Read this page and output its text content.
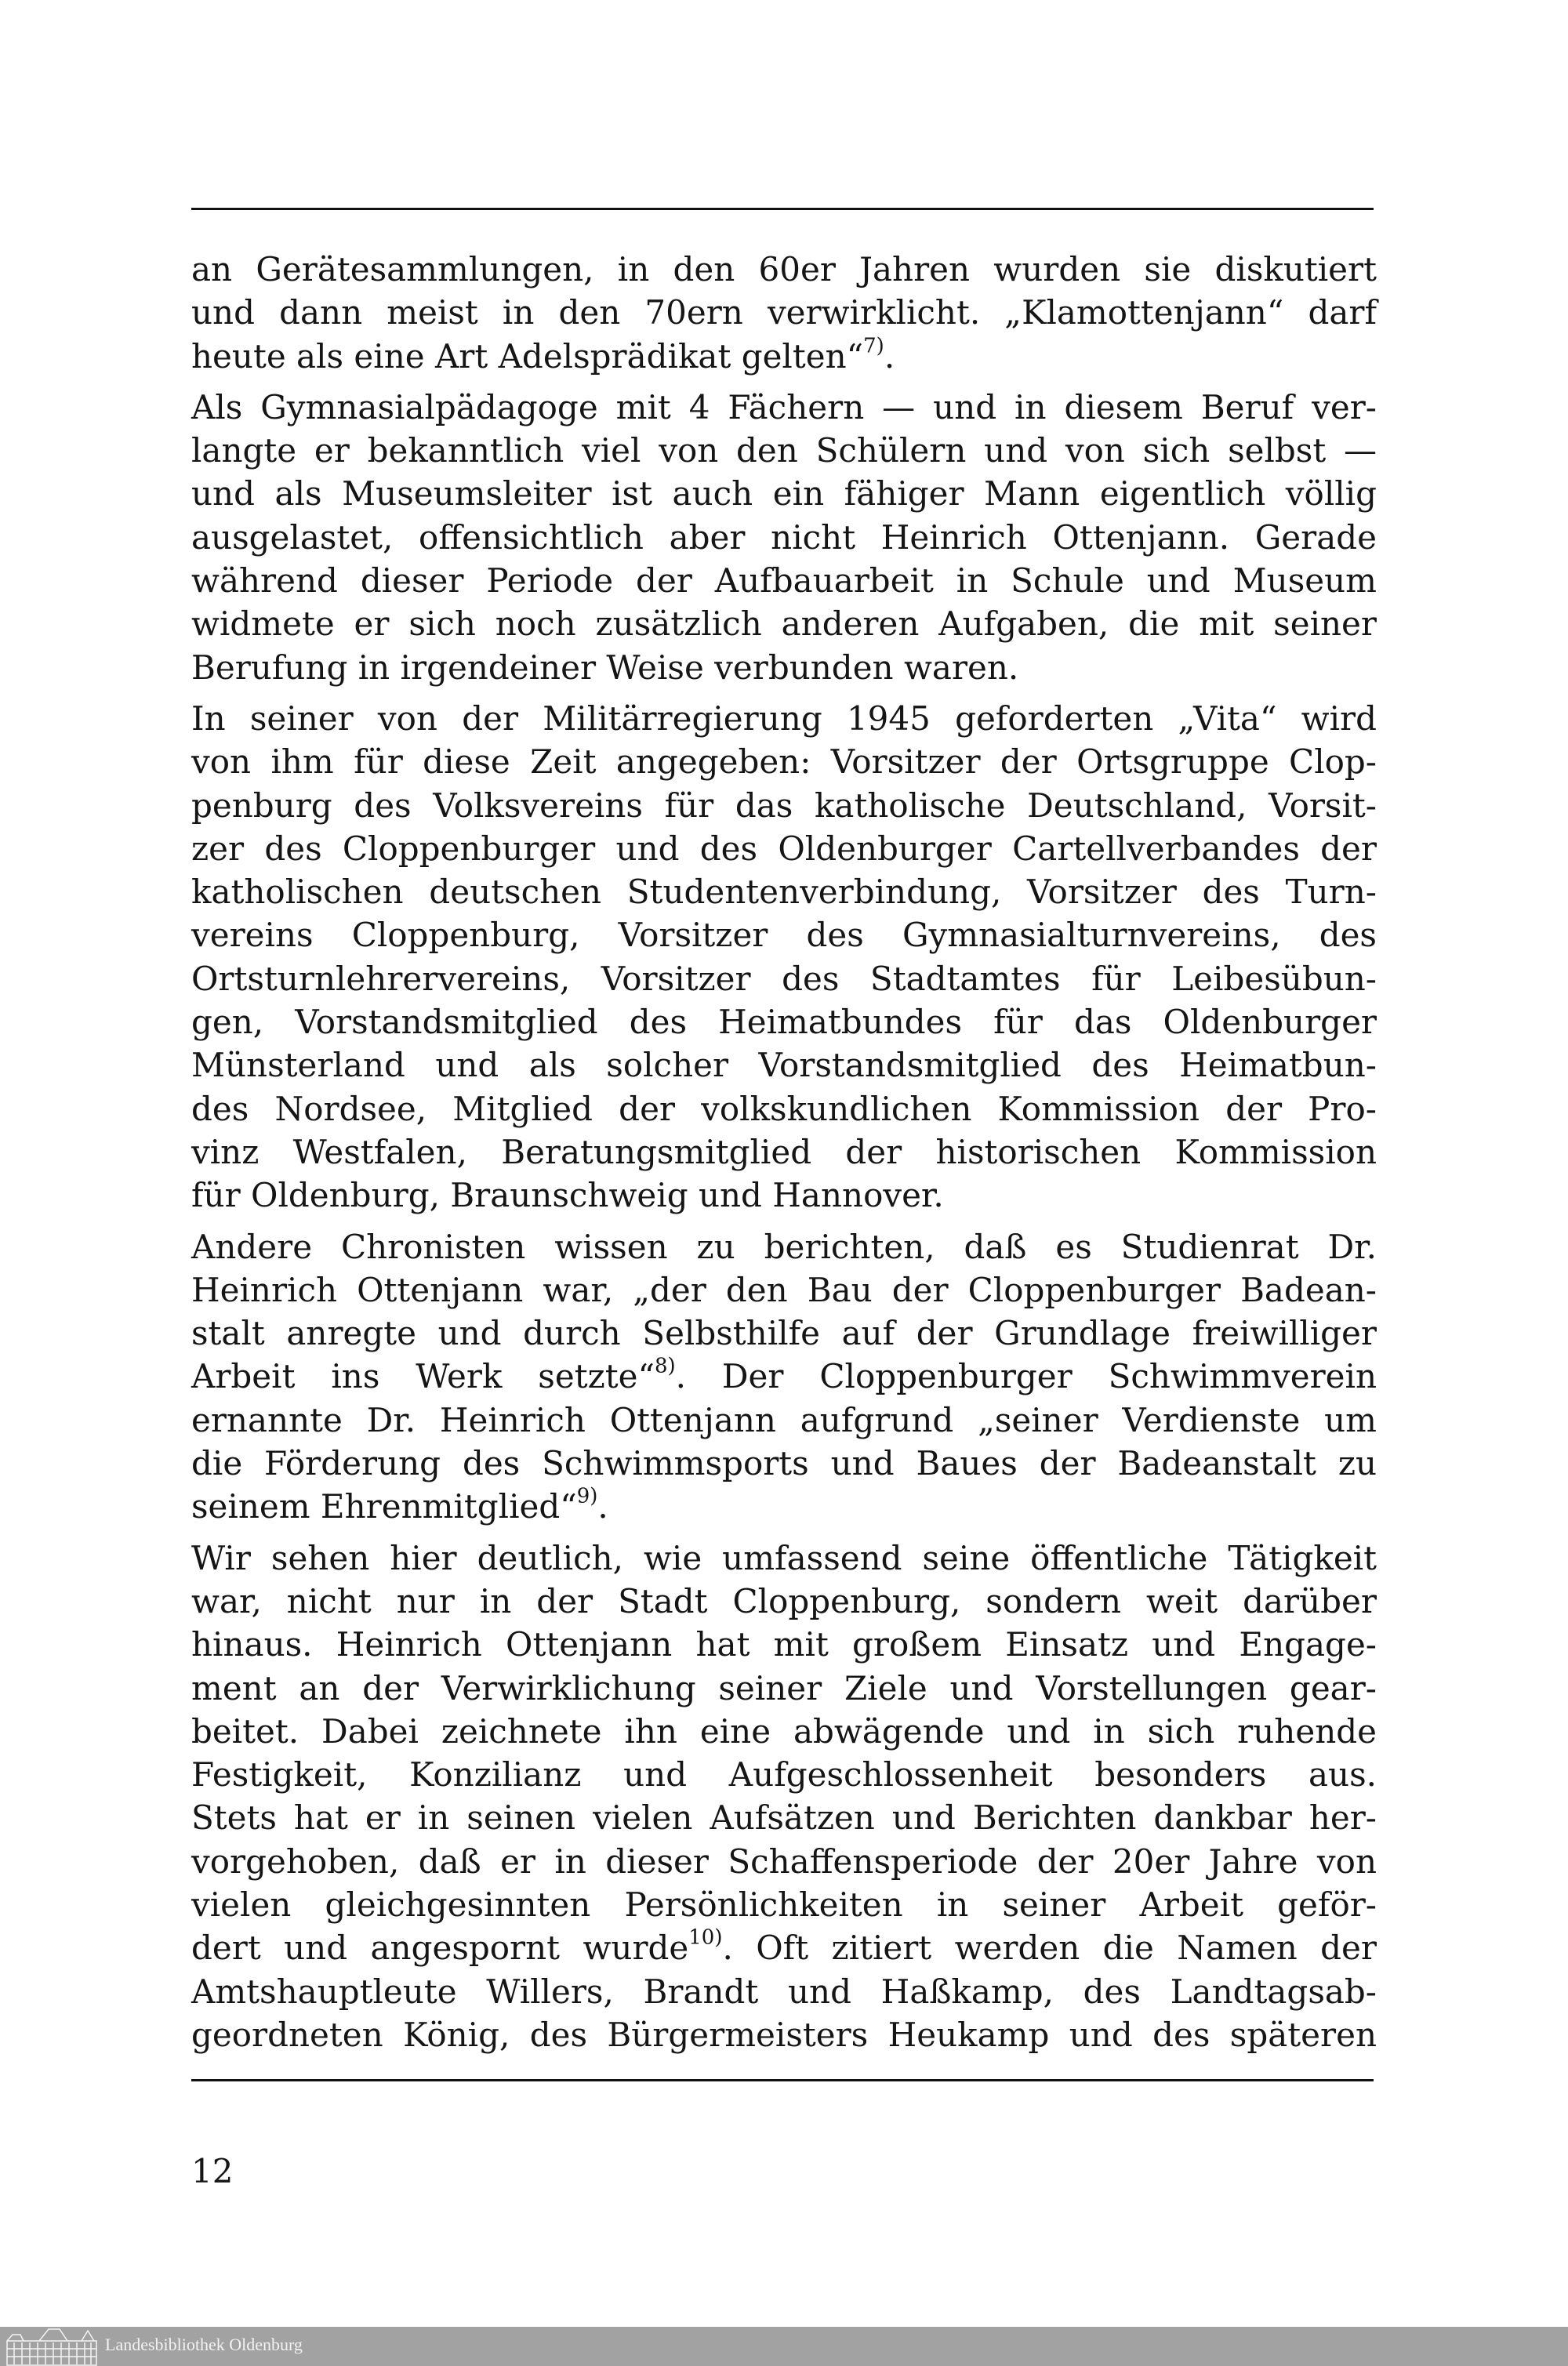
an Gerätesammlungen, in den 60er Jahren wurden sie diskutiert
und dann meist in den 70ern verwirklicht. „Klamottenjann“ darf
heute als eine Art Adelsprädikat gelten“$^{7)}$.
Als Gymnasialpädagoge mit 4 Fächern — und in diesem Beruf ver-
langte er bekanntlich viel von den Schülern und von sich selbst —
und als Museumsleiter ist auch ein fähiger Mann eigentlich völlig
ausgelastet, offensichtlich aber nicht Heinrich Ottenjann. Gerade
während dieser Periode der Aufbauarbeit in Schule und Museum
widmete er sich noch zusätzlich anderen Aufgaben, die mit seiner
Berufung in irgendeiner Weise verbunden waren.
In seiner von der Militärregierung 1945 geforderten „Vita“ wird
von ihm für diese Zeit angegeben: Vorsitzer der Ortsgruppe Clop-
penburg des Volksvereins für das katholische Deutschland, Vorsit-
zer des Cloppenburger und des Oldenburger Cartellverbandes der
katholischen deutschen Studentenverbindung, Vorsitzer des Turn-
vereins Cloppenburg, Vorsitzer des Gymnasialturnvereins, des
Ortsturnlehrervereins, Vorsitzer des Stadtamtes für Leibesübun-
gen, Vorstandsmitglied des Heimatbundes für das Oldenburger
Münsterland und als solcher Vorstandsmitglied des Heimatbun-
des Nordsee, Mitglied der volkskundlichen Kommission der Pro-
vinz Westfalen, Beratungsmitglied der historischen Kommission
für Oldenburg, Braunschweig und Hannover.
Andere Chronisten wissen zu berichten, daß es Studienrat Dr.
Heinrich Ottenjann war, „der den Bau der Cloppenburger Badean-
stalt anregte und durch Selbsthilfe auf der Grundlage freiwilliger
Arbeit ins Werk setzte“$^{8)}$. Der Cloppenburger Schwimmverein
ernannte Dr. Heinrich Ottenjann aufgrund „seiner Verdienste um
die Förderung des Schwimmsports und Baues der Badeanstalt zu
seinem Ehrenmitglied“$^{9)}$.
Wir sehen hier deutlich, wie umfassend seine öffentliche Tätigkeit
war, nicht nur in der Stadt Cloppenburg, sondern weit darüber
hinaus. Heinrich Ottenjann hat mit großem Einsatz und Engage-
ment an der Verwirklichung seiner Ziele und Vorstellungen gear-
beitet. Dabei zeichnete ihn eine abwägende und in sich ruhende
Festigkeit, Konzilianz und Aufgeschlossenheit besonders aus.
Stets hat er in seinen vielen Aufsätzen und Berichten dankbar her-
vorgehoben, daß er in dieser Schaffensperiode der 20er Jahre von
vielen gleichgesinnten Persönlichkeiten in seiner Arbeit geför-
dert und angespornt wurde$^{10)}$. Oft zitiert werden die Namen der
Amtshauptleute Willers, Brandt und Haßkamp, des Landtagsab-
geordneten König, des Bürgermeisters Heukamp und des späteren
12
Landesbibliothek Oldenburg
